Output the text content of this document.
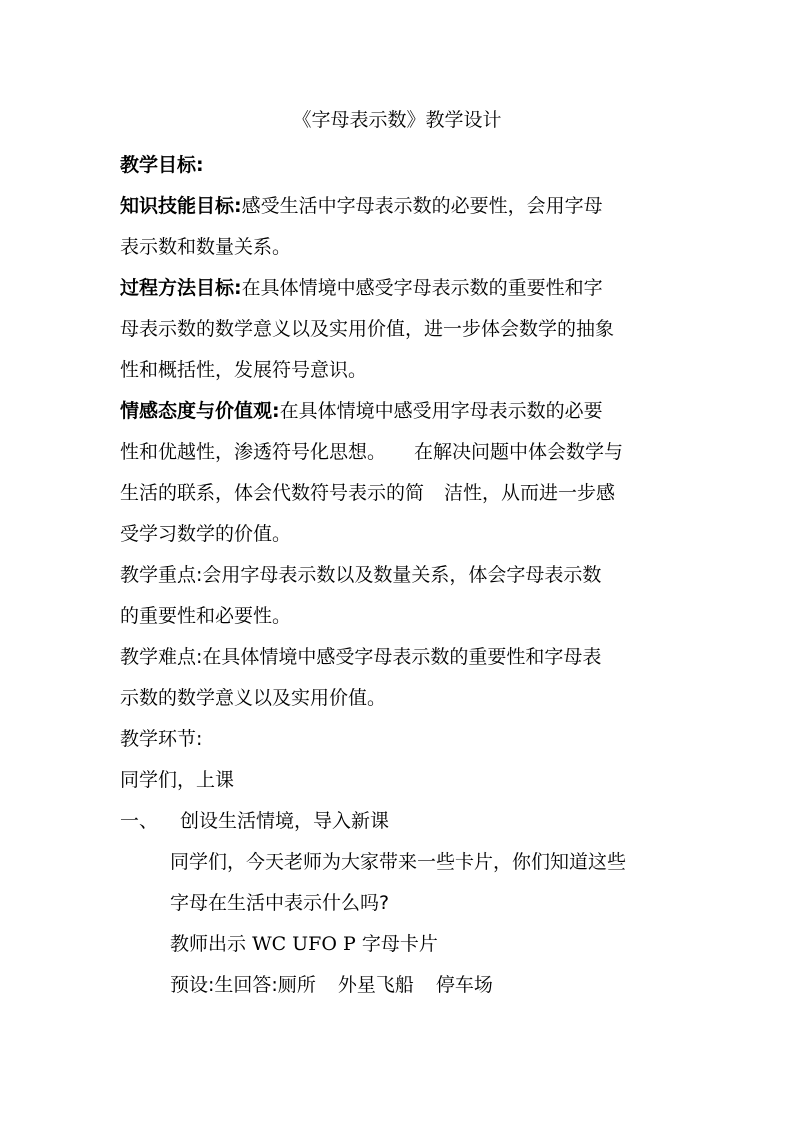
《字母表示数》教学设计

教学目标:

知识技能目标:感受生活中字母表示数的必要性，会用字母

表示数和数量关系。

过程方法目标:在具体情境中感受字母表示数的重要性和字

母表示数的数学意义以及实用价值，进一步体会数学的抽象

性和概括性，发展符号意识。

情感态度与价值观:在具体情境中感受用字母表示数的必要

性和优越性，渗透符号化思想。 在解决问题中体会数学与

生活的联系，体会代数符号表示的简 洁性，从而进一步感

受学习数学的价值。

教学重点:会用字母表示数以及数量关系，体会字母表示数

的重要性和必要性。

教学难点:在具体情境中感受字母表示数的重要性和字母表

示数的数学意义以及实用价值。

教学环节:

同学们，上课

一、 创设生活情境，导入新课

同学们，今天老师为大家带来一些卡片，你们知道这些

字母在生活中表示什么吗?

教师出示 WC UFO P 字母卡片

预设:生回答:厕所 外星飞船 停车场
